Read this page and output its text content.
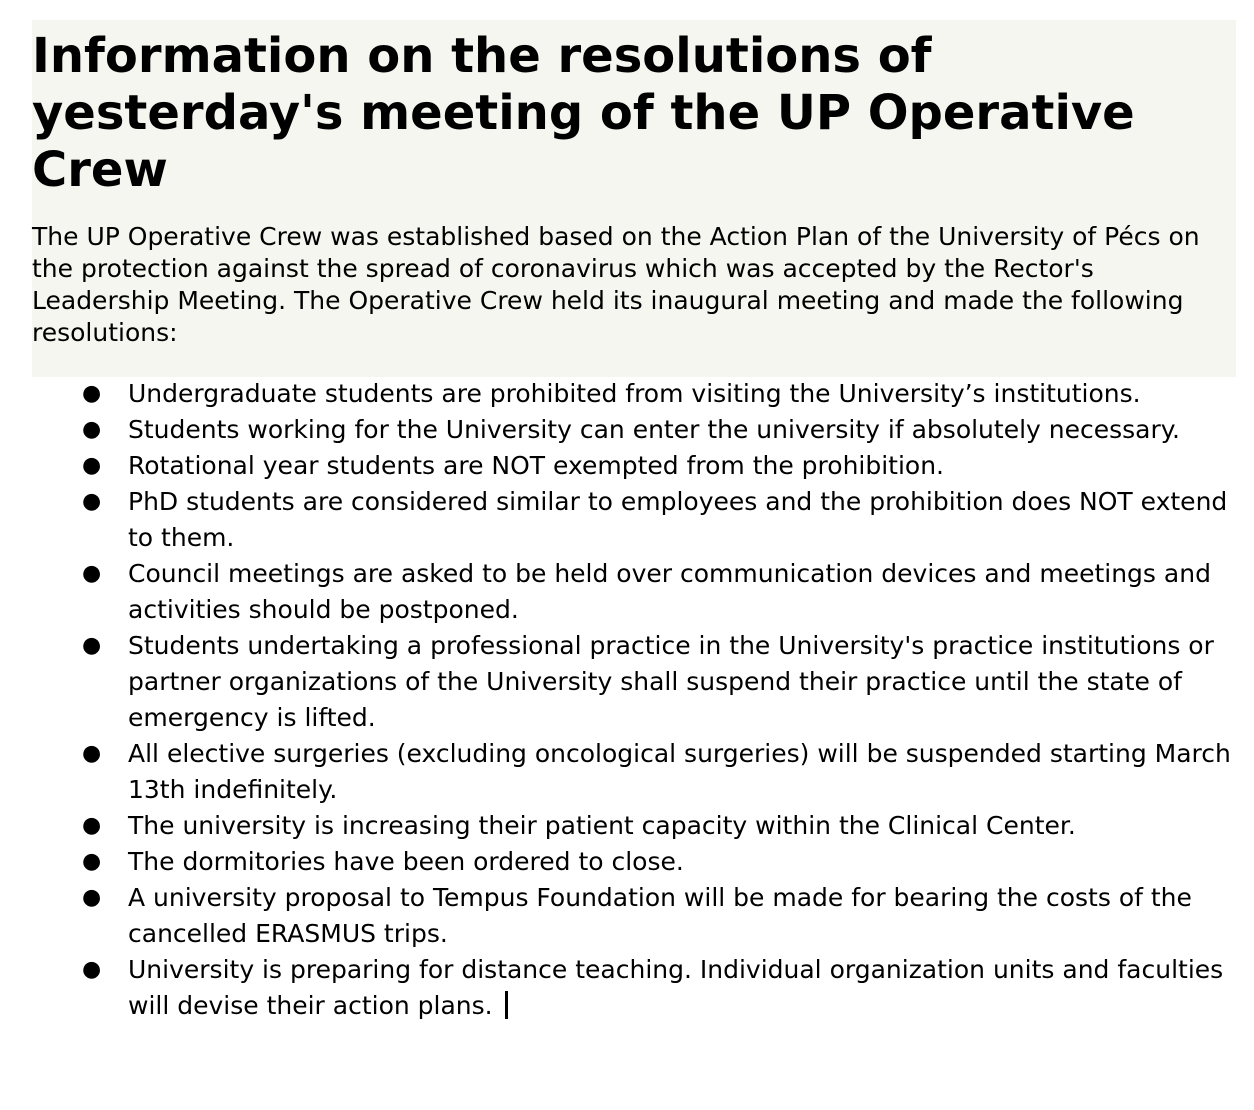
Information on the resolutions of yesterday's meeting of the UP Operative Crew

The UP Operative Crew was established based on the Action Plan of the University of Pécs on the protection against the spread of coronavirus which was accepted by the Rector's Leadership Meeting. The Operative Crew held its inaugural meeting and made the following resolutions:

● Undergraduate students are prohibited from visiting the University’s institutions.
● Students working for the University can enter the university if absolutely necessary.
● Rotational year students are NOT exempted from the prohibition.
● PhD students are considered similar to employees and the prohibition does NOT extend to them.
● Council meetings are asked to be held over communication devices and meetings and activities should be postponed.
● Students undertaking a professional practice in the University's practice institutions or partner organizations of the University shall suspend their practice until the state of emergency is lifted.
● All elective surgeries (excluding oncological surgeries) will be suspended starting March 13th indefinitely.
● The university is increasing their patient capacity within the Clinical Center.
● The dormitories have been ordered to close.
● A university proposal to Tempus Foundation will be made for bearing the costs of the cancelled ERASMUS trips.
● University is preparing for distance teaching. Individual organization units and faculties will devise their action plans.
